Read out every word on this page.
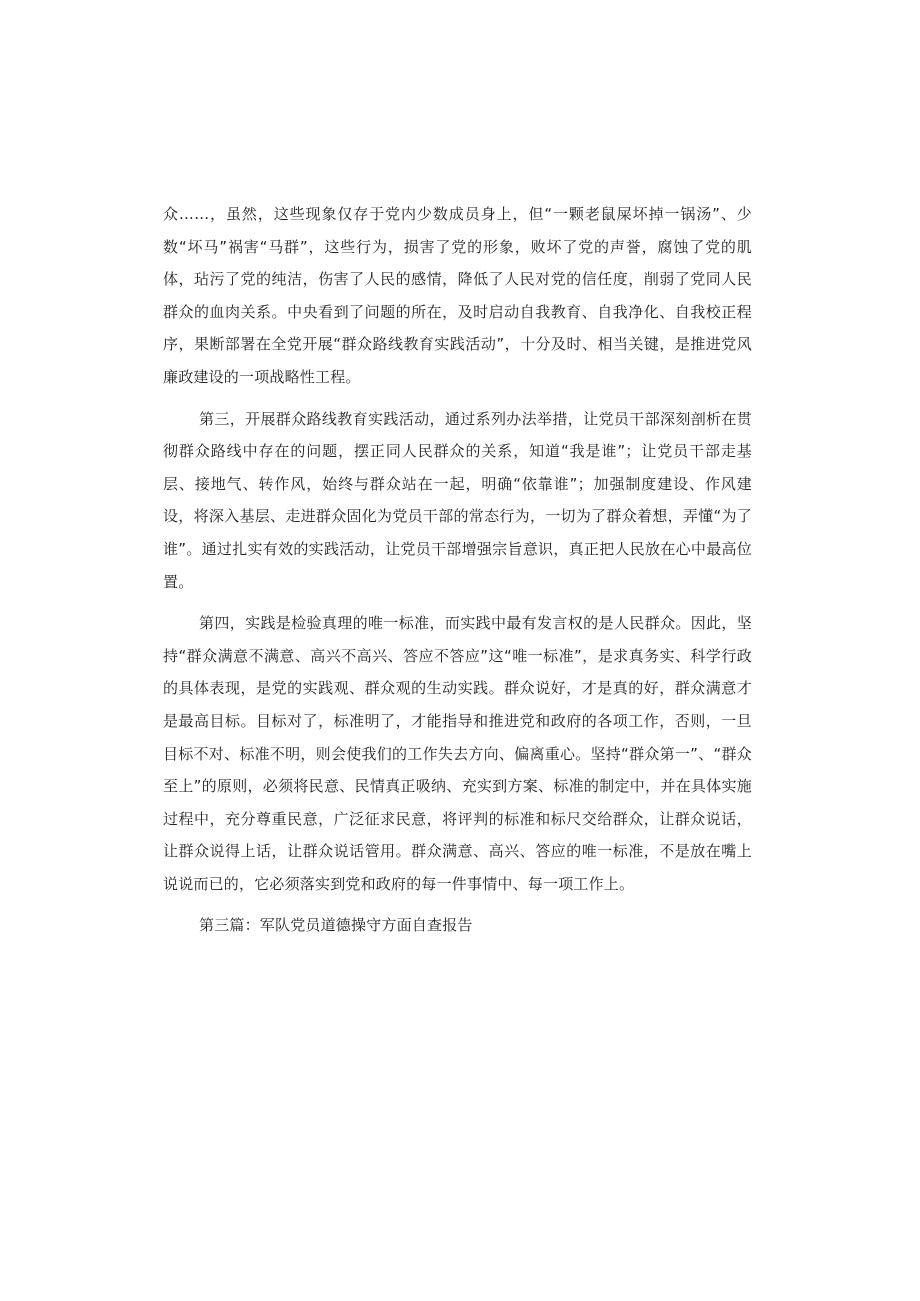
众……，虽然，这些现象仅存于党内少数成员身上，但“一颗老鼠屎坏掉一锅汤”、少数“坏马”祸害“马群”，这些行为，损害了党的形象，败坏了党的声誉，腐蚀了党的肌体，玷污了党的纯洁，伤害了人民的感情，降低了人民对党的信任度，削弱了党同人民群众的血肉关系。中央看到了问题的所在，及时启动自我教育、自我净化、自我校正程序，果断部署在全党开展“群众路线教育实践活动”，十分及时、相当关键，是推进党风廉政建设的一项战略性工程。

第三，开展群众路线教育实践活动，通过系列办法举措，让党员干部深刻剖析在贯彻群众路线中存在的问题，摆正同人民群众的关系，知道“我是谁”；让党员干部走基层、接地气、转作风，始终与群众站在一起，明确“依靠谁”；加强制度建设、作风建设，将深入基层、走进群众固化为党员干部的常态行为，一切为了群众着想，弄懂“为了谁”。通过扎实有效的实践活动，让党员干部增强宗旨意识，真正把人民放在心中最高位置。

第四，实践是检验真理的唯一标准，而实践中最有发言权的是人民群众。因此，坚持“群众满意不满意、高兴不高兴、答应不答应”这“唯一标准”，是求真务实、科学行政的具体表现，是党的实践观、群众观的生动实践。群众说好，才是真的好，群众满意才是最高目标。目标对了，标准明了，才能指导和推进党和政府的各项工作，否则，一旦目标不对、标准不明，则会使我们的工作失去方向、偏离重心。坚持“群众第一”、“群众至上”的原则，必须将民意、民情真正吸纳、充实到方案、标准的制定中，并在具体实施过程中，充分尊重民意，广泛征求民意，将评判的标准和标尺交给群众，让群众说话，让群众说得上话，让群众说话管用。群众满意、高兴、答应的唯一标准，不是放在嘴上说说而已的，它必须落实到党和政府的每一件事情中、每一项工作上。

第三篇：军队党员道德操守方面自查报告
